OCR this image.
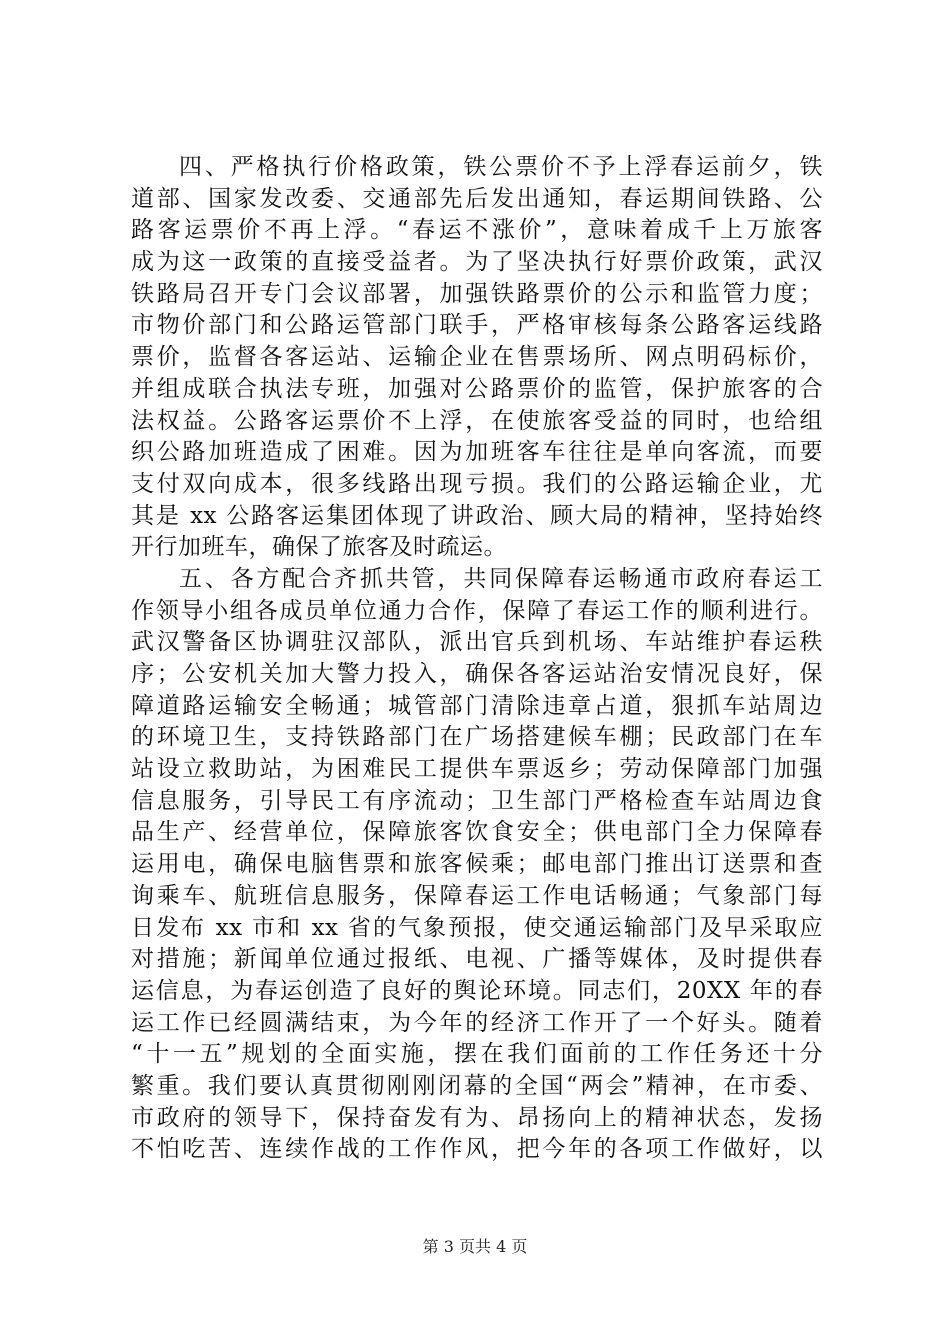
四、严格执行价格政策，铁公票价不予上浮春运前夕，铁
道部、国家发改委、交通部先后发出通知，春运期间铁路、公
路客运票价不再上浮。“春运不涨价”，意味着成千上万旅客
成为这一政策的直接受益者。为了坚决执行好票价政策，武汉
铁路局召开专门会议部署，加强铁路票价的公示和监管力度；
市物价部门和公路运管部门联手，严格审核每条公路客运线路
票价，监督各客运站、运输企业在售票场所、网点明码标价，
并组成联合执法专班，加强对公路票价的监管，保护旅客的合
法权益。公路客运票价不上浮，在使旅客受益的同时，也给组
织公路加班造成了困难。因为加班客车往往是单向客流，而要
支付双向成本，很多线路出现亏损。我们的公路运输企业，尤
其是 xx 公路客运集团体现了讲政治、顾大局的精神，坚持始终
开行加班车，确保了旅客及时疏运。
五、各方配合齐抓共管，共同保障春运畅通市政府春运工
作领导小组各成员单位通力合作，保障了春运工作的顺利进行。
武汉警备区协调驻汉部队，派出官兵到机场、车站维护春运秩
序；公安机关加大警力投入，确保各客运站治安情况良好，保
障道路运输安全畅通；城管部门清除违章占道，狠抓车站周边
的环境卫生，支持铁路部门在广场搭建候车棚；民政部门在车
站设立救助站，为困难民工提供车票返乡；劳动保障部门加强
信息服务，引导民工有序流动；卫生部门严格检查车站周边食
品生产、经营单位，保障旅客饮食安全；供电部门全力保障春
运用电，确保电脑售票和旅客候乘；邮电部门推出订送票和查
询乘车、航班信息服务，保障春运工作电话畅通；气象部门每
日发布 xx 市和 xx 省的气象预报，使交通运输部门及早采取应
对措施；新闻单位通过报纸、电视、广播等媒体，及时提供春
运信息，为春运创造了良好的舆论环境。同志们，20XX 年的春
运工作已经圆满结束，为今年的经济工作开了一个好头。随着
“十一五”规划的全面实施，摆在我们面前的工作任务还十分
繁重。我们要认真贯彻刚刚闭幕的全国“两会”精神，在市委、
市政府的领导下，保持奋发有为、昂扬向上的精神状态，发扬
不怕吃苦、连续作战的工作作风，把今年的各项工作做好，以
第 3 页共 4 页
